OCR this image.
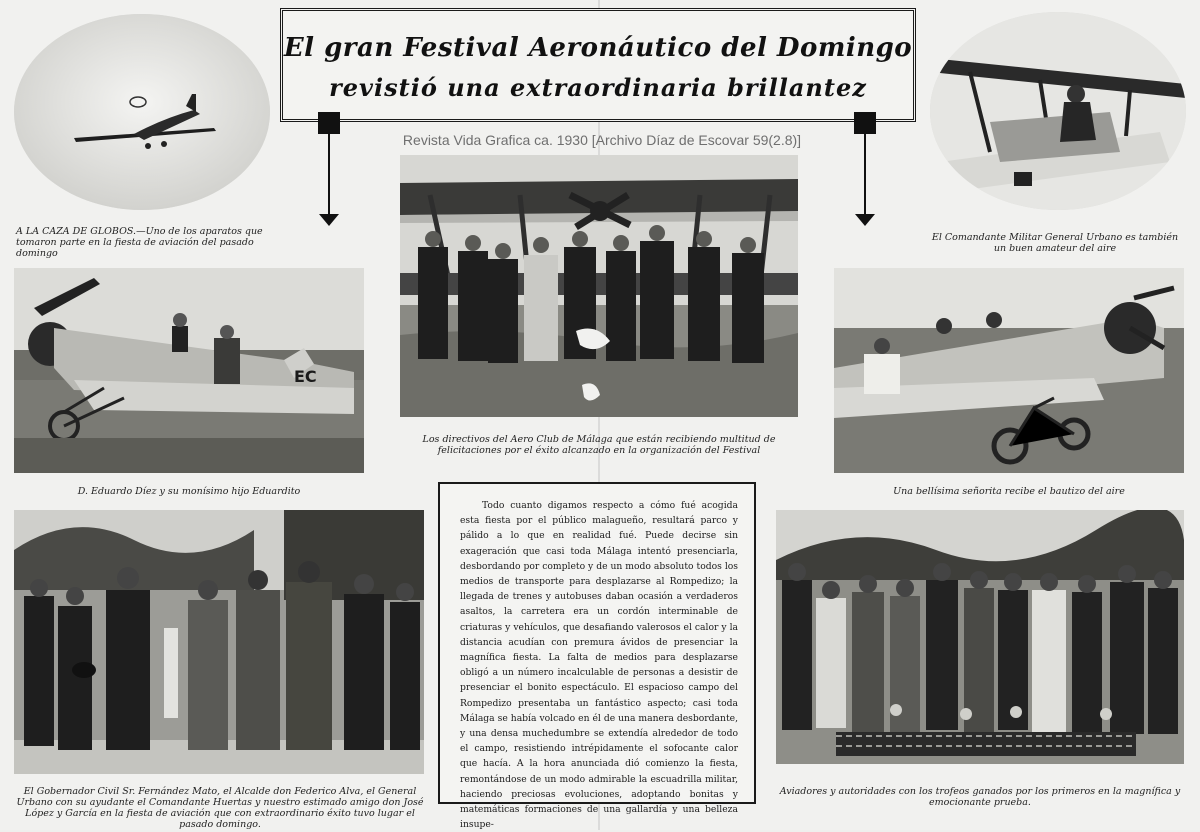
El gran Festival Aeronáutico del Domingo
revistió una extraordinaria brillantez
Revista Vida Grafica ca. 1930 [Archivo Díaz de Escovar 59(2.8)]
A LA CAZA DE GLOBOS.—Uno de los aparatos que tomaron parte en la fiesta de aviación del pasado domingo
El Comandante Militar General Urbano es también un buen amateur del aire
Los directivos del Aero Club de Málaga que están recibiendo multitud de felicitaciones por el éxito alcanzado en la organización del Festival
EC
D. Eduardo Díez y su monísimo hijo Eduardito	Una bellísima señorita recibe el bautizo del aire
El Gobernador Civil Sr. Fernández Mato, el Alcalde don Federico Alva, el General Urbano con su ayudante el Comandante Huertas y nuestro estimado amigo don José López y García en la fiesta de aviación que con extraordinario éxito tuvo lugar el pasado domingo.

Todo cuanto digamos respecto a cómo fué acogida esta fiesta por el público malagueño, resultará parco y pálido a lo que en realidad fué. Puede decirse sin exageración que casi toda Málaga intentó presenciarla, desbordando por completo y de un modo absoluto todos los medios de transporte para desplazarse al Rompedizo; la llegada de trenes y autobuses daban ocasión a verdaderos asaltos, la carretera era un cordón interminable de criaturas y vehículos, que desafiando valerosos el calor y la distancia acudían con premura ávidos de presenciar la magnífica fiesta. La falta de medios para desplazarse obligó a un número incalculable de personas a desistir de presenciar el bonito espectáculo. El espacioso campo del Rompedizo presentaba un fantástico aspecto; casi toda Málaga se había volcado en él de una manera desbordante, y una densa muchedumbre se extendía alrededor de todo el campo, resistiendo intrépidamente el sofocante calor que hacía. A la hora anunciada dió comienzo la fiesta, remontándose de un modo admirable la escuadrilla militar, haciendo preciosas evoluciones, adoptando bonitas y matemáticas formaciones de una gallardía y una belleza insupe-

Aviadores y autoridades con los trofeos ganados por los primeros en la magnífica y emocionante prueba.
